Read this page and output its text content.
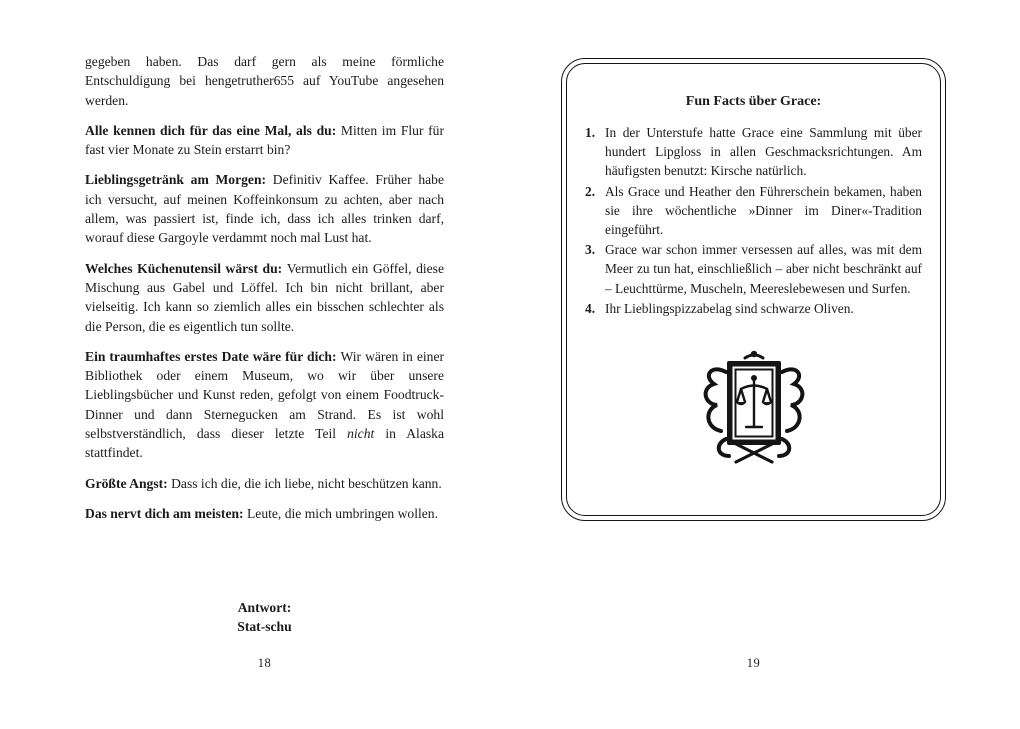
gegeben haben. Das darf gern als meine förmliche Entschuldigung bei hengetruther655 auf YouTube angesehen werden.

Alle kennen dich für das eine Mal, als du: Mitten im Flur für fast vier Monate zu Stein erstarrt bin?

Lieblingsgetränk am Morgen: Definitiv Kaffee. Früher habe ich versucht, auf meinen Koffeinkonsum zu achten, aber nach allem, was passiert ist, finde ich, dass ich alles trinken darf, worauf diese Gargoyle verdammt noch mal Lust hat.

Welches Küchenutensil wärst du: Vermutlich ein Göffel, diese Mischung aus Gabel und Löffel. Ich bin nicht brillant, aber vielseitig. Ich kann so ziemlich alles ein bisschen schlechter als die Person, die es eigentlich tun sollte.

Ein traumhaftes erstes Date wäre für dich: Wir wären in einer Bibliothek oder einem Museum, wo wir über unsere Lieblingsbücher und Kunst reden, gefolgt von einem Foodtruck-Dinner und dann Sternegucken am Strand. Es ist wohl selbstverständlich, dass dieser letzte Teil nicht in Alaska stattfindet.

Größte Angst: Dass ich die, die ich liebe, nicht beschützen kann.

Das nervt dich am meisten: Leute, die mich umbringen wollen.

Antwort:
Stat-schu
18
Fun Facts über Grace:
1. In der Unterstufe hatte Grace eine Sammlung mit über hundert Lipgloss in allen Geschmacksrichtungen. Am häufigsten benutzt: Kirsche natürlich.
2. Als Grace und Heather den Führerschein bekamen, haben sie ihre wöchentliche »Dinner im Diner«-Tradition eingeführt.
3. Grace war schon immer versessen auf alles, was mit dem Meer zu tun hat, einschließlich – aber nicht beschränkt auf – Leuchttürme, Muscheln, Meereslebewesen und Surfen.
4. Ihr Lieblingspizzabelag sind schwarze Oliven.
19
